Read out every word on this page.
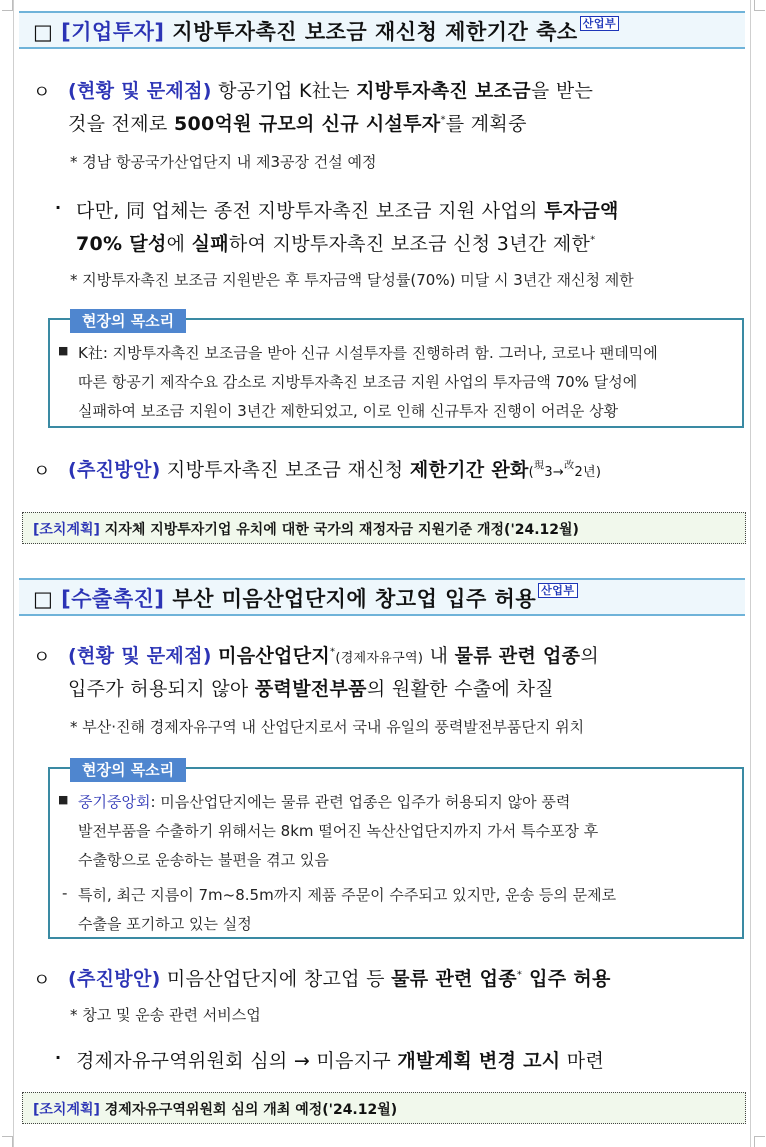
□ [기업투자] 지방투자촉진 보조금 재신청 제한기간 축소 산업부
ㅇ (현황 및 문제점) 항공기업 K社는 지방투자촉진 보조금을 받는
것을 전제로 500억원 규모의 신규 시설투자*를 계획중
* 경남 항공국가산업단지 내 제3공장 건설 예정
· 다만, 同 업체는 종전 지방투자촉진 보조금 지원 사업의 투자금액
70% 달성에 실패하여 지방투자촉진 보조금 신청 3년간 제한*
* 지방투자촉진 보조금 지원받은 후 투자금액 달성률(70%) 미달 시 3년간 재신청 제한
현장의 목소리
■ K社: 지방투자촉진 보조금을 받아 신규 시설투자를 진행하려 함. 그러나, 코로나 팬데믹에
따른 항공기 제작수요 감소로 지방투자촉진 보조금 지원 사업의 투자금액 70% 달성에
실패하여 보조금 지원이 3년간 제한되었고, 이로 인해 신규투자 진행이 어려운 상황
ㅇ (추진방안) 지방투자촉진 보조금 재신청 제한기간 완화($^現$3→$^改$2년)
[조치계획] 지자체 지방투자기업 유치에 대한 국가의 재정자금 지원기준 개정('24.12월)
□ [수출촉진] 부산 미음산업단지에 창고업 입주 허용 산업부
ㅇ (현황 및 문제점) 미음산업단지*(경제자유구역) 내 물류 관련 업종의
입주가 허용되지 않아 풍력발전부품의 원활한 수출에 차질
* 부산·진해 경제자유구역 내 산업단지로서 국내 유일의 풍력발전부품단지 위치
현장의 목소리
■ 중기중앙회: 미음산업단지에는 물류 관련 업종은 입주가 허용되지 않아 풍력
발전부품을 수출하기 위해서는 8km 떨어진 녹산산업단지까지 가서 특수포장 후
수출항으로 운송하는 불편을 겪고 있음
- 특히, 최근 지름이 7m~8.5m까지 제품 주문이 수주되고 있지만, 운송 등의 문제로
수출을 포기하고 있는 실정
ㅇ (추진방안) 미음산업단지에 창고업 등 물류 관련 업종* 입주 허용
* 창고 및 운송 관련 서비스업
· 경제자유구역위원회 심의 → 미음지구 개발계획 변경 고시 마련
[조치계획] 경제자유구역위원회 심의 개최 예정('24.12월)
